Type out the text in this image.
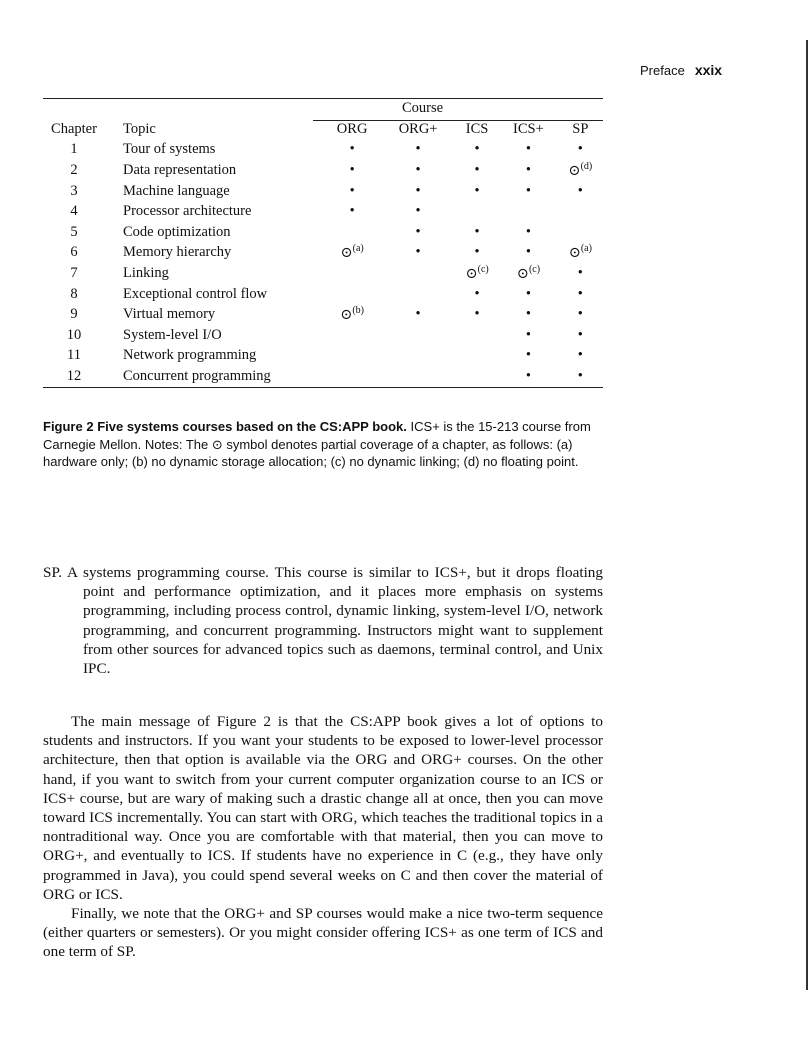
Preface xxix
Course
Chapter	Topic	ORG	ORG+	ICS	ICS+	SP
1	Tour of systems	•	•	•	•	•
2	Data representation	•	•	•	•	⊙$^{(d)}$
3	Machine language	•	•	•	•	•
4	Processor architecture	•	•			
5	Code optimization		•	•	•	
6	Memory hierarchy	⊙$^{(a)}$	•	•	•	⊙$^{(a)}$
7	Linking			⊙$^{(c)}$	⊙$^{(c)}$	•
8	Exceptional control flow			•	•	•
9	Virtual memory	⊙$^{(b)}$	•	•	•	•
10	System-level I/O				•	•
11	Network programming				•	•
12	Concurrent programming				•	•
Figure 2 Five systems courses based on the CS:APP book. ICS+ is the 15-213 course from Carnegie Mellon. Notes: The ⊙ symbol denotes partial coverage of a chapter, as follows: (a) hardware only; (b) no dynamic storage allocation; (c) no dynamic linking; (d) no floating point.

SP. A systems programming course. This course is similar to ICS+, but it drops floating point and performance optimization, and it places more emphasis on systems programming, including process control, dynamic linking, system-level I/O, network programming, and concurrent programming. Instructors might want to supplement from other sources for advanced topics such as daemons, terminal control, and Unix IPC.

The main message of Figure 2 is that the CS:APP book gives a lot of options to students and instructors. If you want your students to be exposed to lower-level processor architecture, then that option is available via the ORG and ORG+ courses. On the other hand, if you want to switch from your current computer organization course to an ICS or ICS+ course, but are wary of making such a drastic change all at once, then you can move toward ICS incrementally. You can start with ORG, which teaches the traditional topics in a nontraditional way. Once you are comfortable with that material, then you can move to ORG+, and eventually to ICS. If students have no experience in C (e.g., they have only programmed in Java), you could spend several weeks on C and then cover the material of ORG or ICS.

Finally, we note that the ORG+ and SP courses would make a nice two-term sequence (either quarters or semesters). Or you might consider offering ICS+ as one term of ICS and one term of SP.
